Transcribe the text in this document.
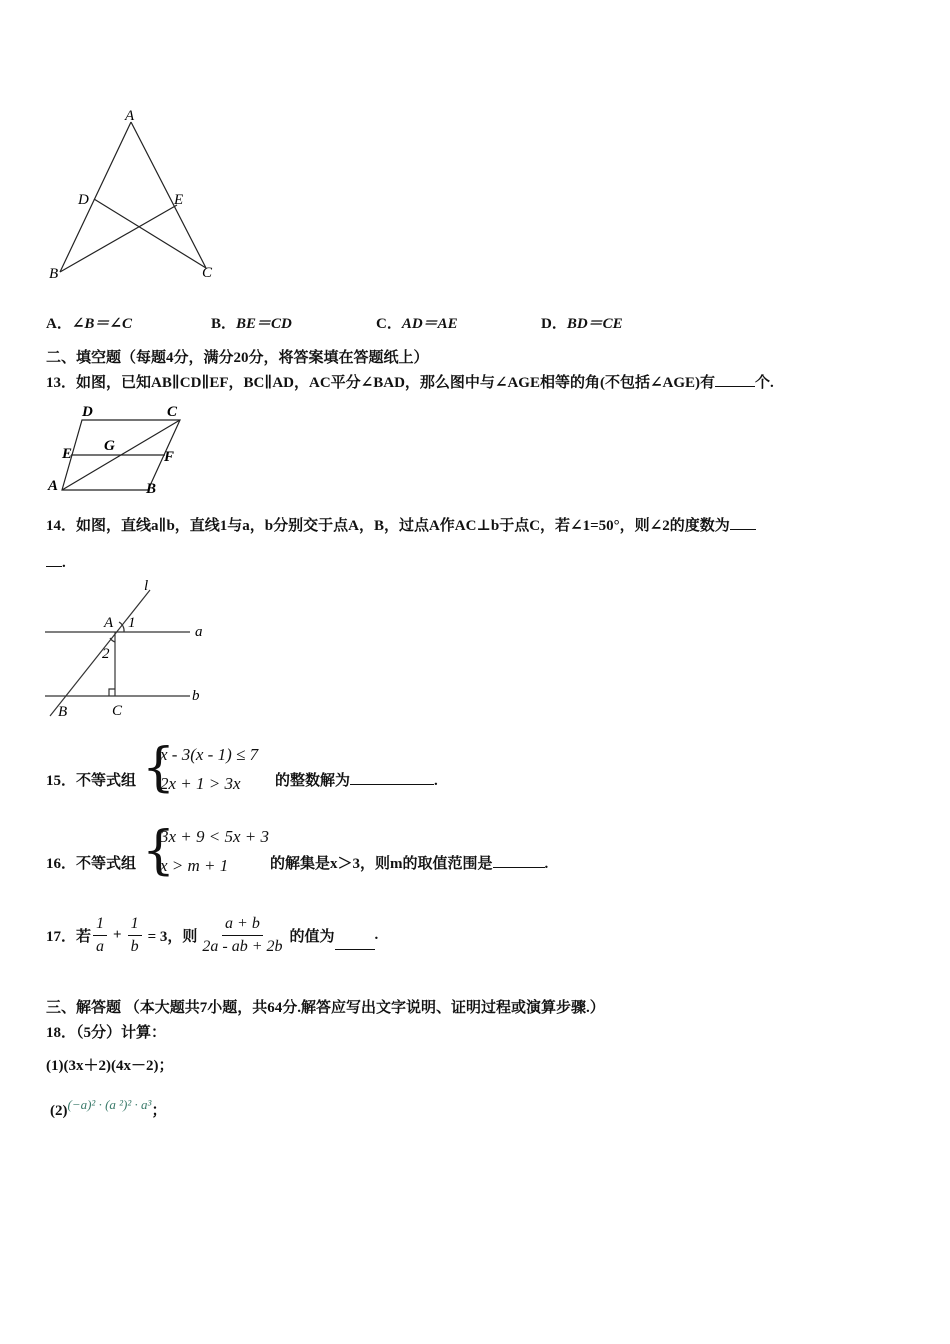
A
D	E
B	C
A．∠B＝∠C	B．BE＝CD	C．AD＝AE	D．BD＝CE
二、填空题（每题4分，满分20分，将答案填在答题纸上）
13．如图，已知AB∥CD∥EF，BC∥AD，AC平分∠BAD，那么图中与∠AGE相等的角(不包括∠AGE)有	个.
D	C
G
E	F
A	B
14．如图，直线a∥b，直线1与a，b分别交于点A，B，过点A作AC⊥b于点C，若∠1=50°，则∠2的度数为
.
l
A 1
a
2
b
B	C
15．不等式组 {
x - 3(x - 1) ≤ 7
2x + 1 > 3x 的整数解为	.
16．不等式组 {
3x + 9 < 5x + 3
x > m + 1	的解集是x＞3，则m的取值范围是	.
17．若 $\frac{1}{a} + \frac{1}{b} = 3$，则 $\frac{a + b}{2a - ab + 2b}$ 的值为	.
三、解答题 （本大题共7小题，共64分.解答应写出文字说明、证明过程或演算步骤.）
18．（5分）计算：
(1)(3x＋2)(4x－2)；
(2)(−a)² · (a ²)² · a³；
